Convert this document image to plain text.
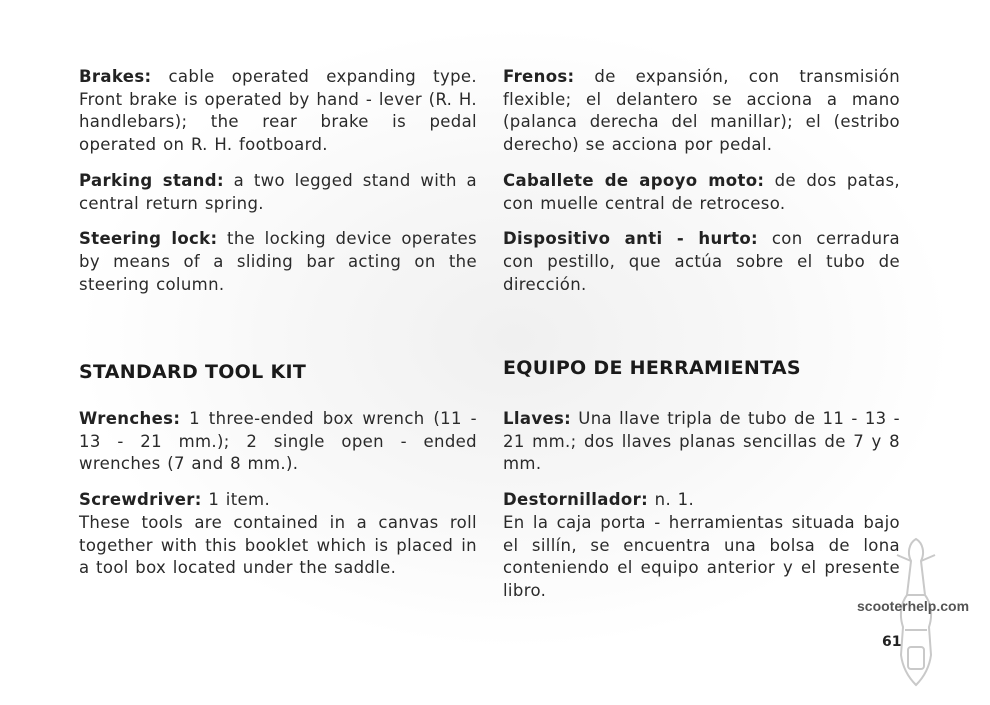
Brakes: cable operated expanding type. Front brake is operated by hand - lever (R. H. handlebars); the rear brake is pedal operated on R. H. footboard.

Parking stand: a two legged stand with a central return spring.

Steering lock: the locking device operates by means of a sliding bar acting on the steering column.

STANDARD TOOL KIT

Wrenches: 1 three-ended box wrench (11 - 13 - 21 mm.); 2 single open - ended wrenches (7 and 8 mm.).

Screwdriver: 1 item.

These tools are contained in a canvas roll together with this booklet which is placed in a tool box located under the saddle.

Frenos: de expansión, con transmisión flexible; el delantero se acciona a mano (palanca derecha del manillar); el (estribo derecho) se acciona por pedal.

Caballete de apoyo moto: de dos patas, con muelle central de retroceso.

Dispositivo anti - hurto: con cerradura con pestillo, que actúa sobre el tubo de dirección.

EQUIPO DE HERRAMIENTAS

Llaves: Una llave tripla de tubo de 11 - 13 - 21 mm.; dos llaves planas sencillas de 7 y 8 mm.

Destornillador: n. 1.

En la caja porta - herramientas situada bajo el sillín, se encuentra una bolsa de lona conteniendo el equipo anterior y el presente libro.

scooterhelp.com
61
